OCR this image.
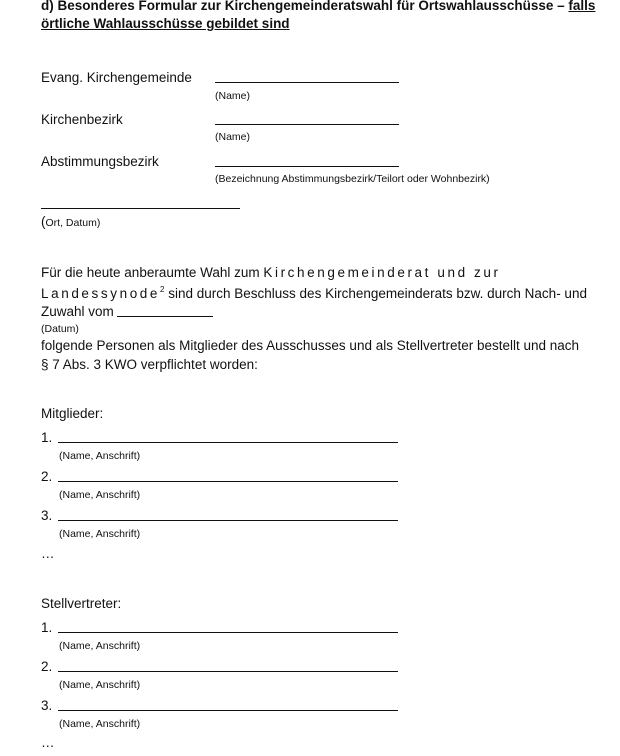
d) Besonderes Formular zur Kirchengemeinderatswahl für Ortswahlausschüsse – falls
örtliche Wahlausschüsse gebildet sind
Evang. Kirchengemeinde
(Name)
Kirchenbezirk
(Name)
Abstimmungsbezirk
(Bezeichnung Abstimmungsbezirk/Teilort oder Wohnbezirk)
(Ort, Datum)
Für die heute anberaumte Wahl zum Kirchengemeinderat und zur
Landessynode$^2$ sind durch Beschluss des Kirchengemeinderats bzw. durch Nach- und
Zuwahl vom
(Datum)
folgende Personen als Mitglieder des Ausschusses und als Stellvertreter bestellt und nach
§ 7 Abs. 3 KWO verpflichtet worden:
Mitglieder:
1.
(Name, Anschrift)
2.
(Name, Anschrift)
3.
(Name, Anschrift)
…
Stellvertreter:
1.
(Name, Anschrift)
2.
(Name, Anschrift)
3.
(Name, Anschrift)
…
